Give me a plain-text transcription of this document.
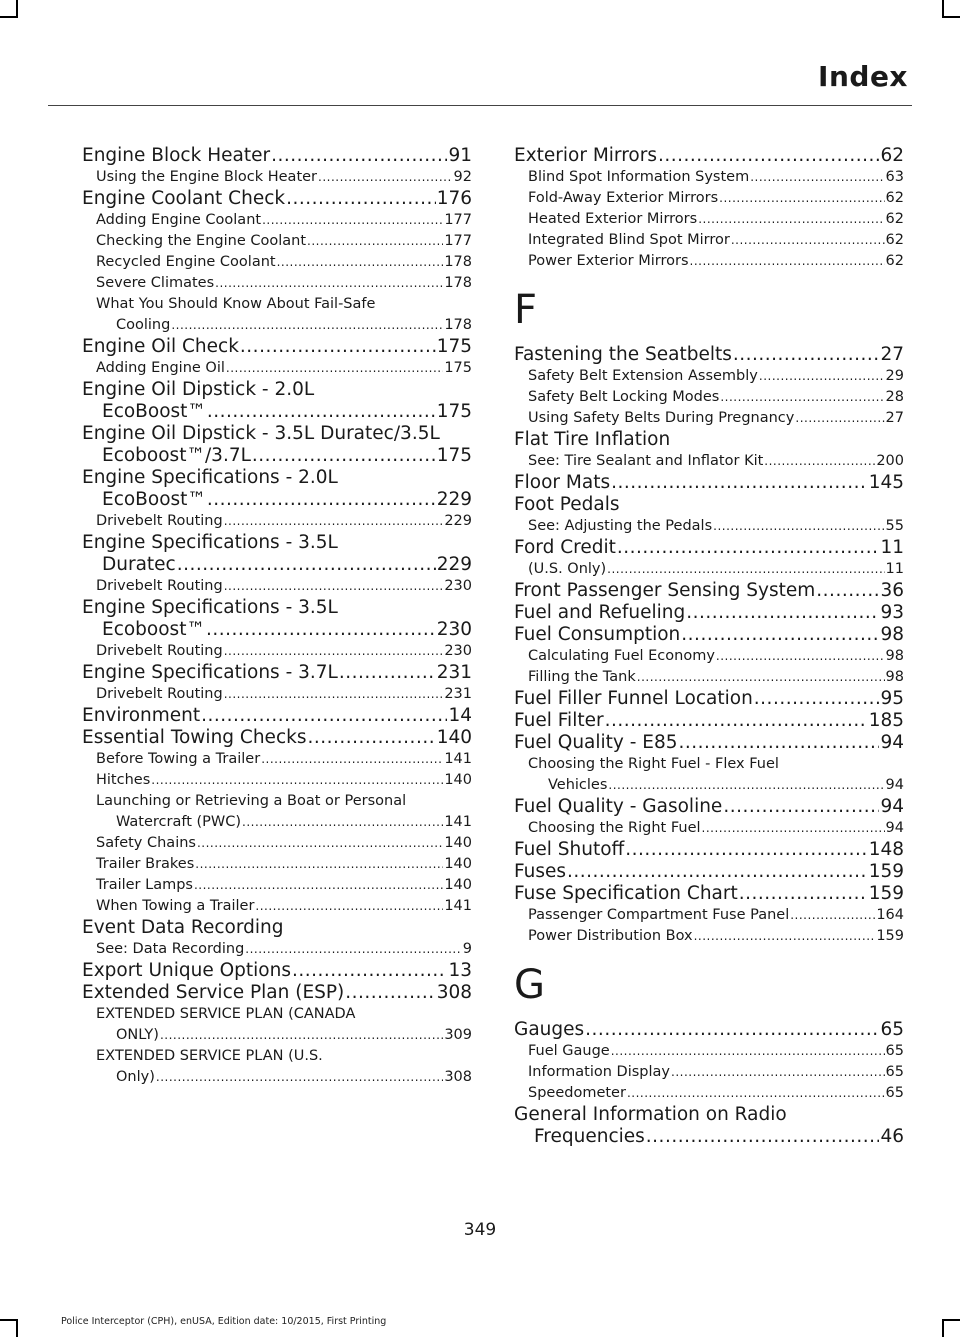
Index
Engine Block Heater .....	91
Using the Engine Block Heater .....	92
Engine Coolant Check .....	176
Adding Engine Coolant .....	177
Checking the Engine Coolant .....	177
Recycled Engine Coolant .....	178
Severe Climates .....	178
What You Should Know About Fail-Safe
Cooling .....	178
Engine Oil Check .....	175
Adding Engine Oil .....	175
Engine Oil Dipstick - 2.0L
EcoBoost™ .....	175
Engine Oil Dipstick - 3.5L Duratec/3.5L
Ecoboost™/3.7L .....	175
Engine Specifications - 2.0L
EcoBoost™ .....	229
Drivebelt Routing .....	229
Engine Specifications - 3.5L
Duratec .....	229
Drivebelt Routing .....	230
Engine Specifications - 3.5L
Ecoboost™ .....	230
Drivebelt Routing .....	230
Engine Specifications - 3.7L .....	231
Drivebelt Routing .....	231
Environment .....	14
Essential Towing Checks .....	140
Before Towing a Trailer .....	141
Hitches .....	140
Launching or Retrieving a Boat or Personal
Watercraft (PWC) .....	141
Safety Chains .....	140
Trailer Brakes .....	140
Trailer Lamps .....	140
When Towing a Trailer .....	141
Event Data Recording
See: Data Recording .....	9
Export Unique Options .....	13
Extended Service Plan (ESP) .....	308
EXTENDED SERVICE PLAN (CANADA
ONLY) .....	309
EXTENDED SERVICE PLAN (U.S.
Only) .....	308
Exterior Mirrors .....	62
Blind Spot Information System .....	63
Fold-Away Exterior Mirrors .....	62
Heated Exterior Mirrors .....	62
Integrated Blind Spot Mirror .....	62
Power Exterior Mirrors .....	62
F
Fastening the Seatbelts .....	27
Safety Belt Extension Assembly .....	29
Safety Belt Locking Modes .....	28
Using Safety Belts During Pregnancy .....	27
Flat Tire Inflation
See: Tire Sealant and Inflator Kit .....	200
Floor Mats .....	145
Foot Pedals
See: Adjusting the Pedals .....	55
Ford Credit .....	11
(U.S. Only) .....	11
Front Passenger Sensing System .....	36
Fuel and Refueling .....	93
Fuel Consumption .....	98
Calculating Fuel Economy .....	98
Filling the Tank .....	98
Fuel Filler Funnel Location .....	95
Fuel Filter .....	185
Fuel Quality - E85 .....	94
Choosing the Right Fuel - Flex Fuel
Vehicles .....	94
Fuel Quality - Gasoline .....	94
Choosing the Right Fuel .....	94
Fuel Shutoff .....	148
Fuses .....	159
Fuse Specification Chart .....	159
Passenger Compartment Fuse Panel .....	164
Power Distribution Box .....	159
G
Gauges .....	65
Fuel Gauge .....	65
Information Display .....	65
Speedometer .....	65
General Information on Radio
Frequencies .....	46
349
Police Interceptor (CPH), enUSA, Edition date: 10/2015, First Printing
